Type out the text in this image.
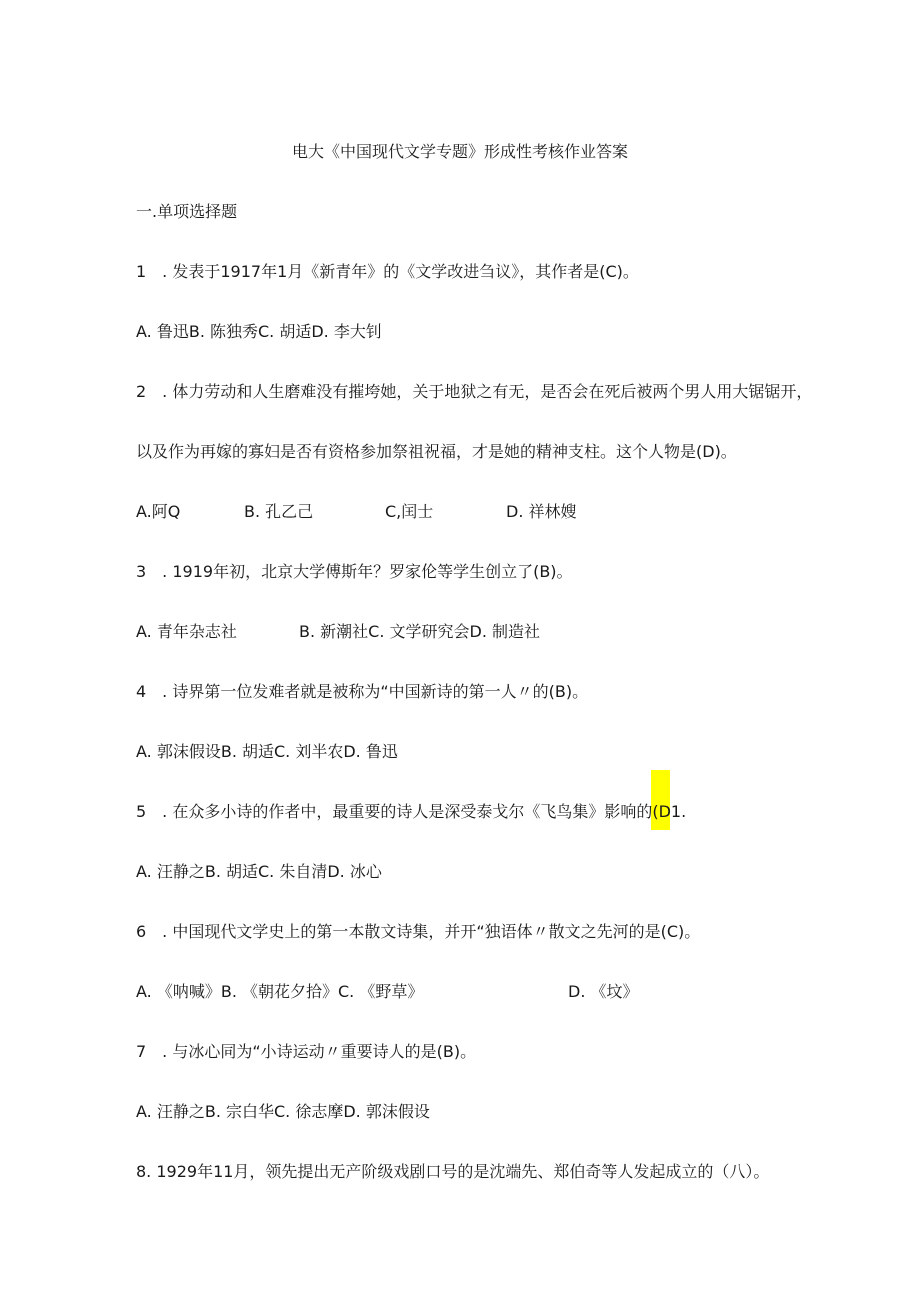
电大《中国现代文学专题》形成性考核作业答案
一.单项选择题
1　. 发表于1917年1月《新青年》的《文学改进刍议》，其作者是(C)。
A. 鲁迅B. 陈独秀C. 胡适D. 李大钊
2　. 体力劳动和人生磨难没有摧垮她，关于地狱之有无，是否会在死后被两个男人用大锯锯开，
以及作为再嫁的寡妇是否有资格参加祭祖祝福，才是她的精神支柱。这个人物是(D)。
A.阿Q	B. 孔乙己	C,闰士	D. 祥林嫂
3　. 1919年初，北京大学傅斯年？罗家伦等学生创立了(B)。
A. 青年杂志社	B. 新潮社C. 文学研究会D. 制造社
4　. 诗界第一位发难者就是被称为“中国新诗的第一人〃的(B)。
A. 郭沫假设B. 胡适C. 刘半农D. 鲁迅
5　. 在众多小诗的作者中，最重要的诗人是深受泰戈尔《飞鸟集》影响的(D1.
A. 汪静之B. 胡适C. 朱自清D. 冰心
6　. 中国现代文学史上的第一本散文诗集，并开“独语体〃散文之先河的是(C)。
A. 《呐喊》B. 《朝花夕拾》C. 《野草》	D. 《坟》
7　. 与冰心同为“小诗运动〃重要诗人的是(B)。
A. 汪静之B. 宗白华C. 徐志摩D. 郭沫假设
8. 1929年11月，领先提出无产阶级戏剧口号的是沈端先、郑伯奇等人发起成立的（八）。
